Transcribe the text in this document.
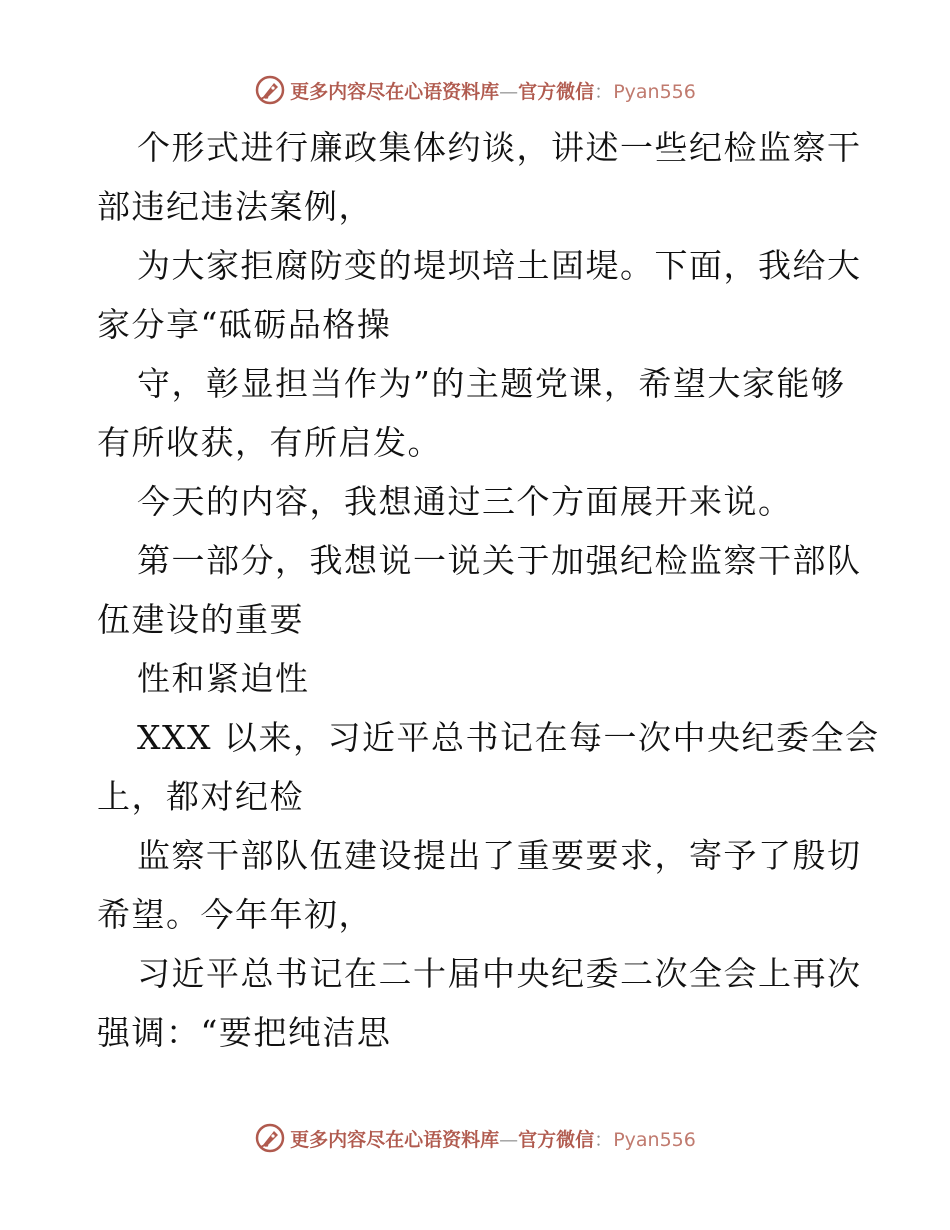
更多内容尽在心语资料库—官方微信：Pyan556
个形式进行廉政集体约谈，讲述一些纪检监察干
部违纪违法案例，
为大家拒腐防变的堤坝培土固堤。下面，我给大
家分享“砥砺品格操
守，彰显担当作为”的主题党课，希望大家能够
有所收获，有所启发。
今天的内容，我想通过三个方面展开来说。
第一部分，我想说一说关于加强纪检监察干部队
伍建设的重要
性和紧迫性
XXX 以来，习近平总书记在每一次中央纪委全会
上，都对纪检
监察干部队伍建设提出了重要要求，寄予了殷切
希望。今年年初，
习近平总书记在二十届中央纪委二次全会上再次
强调：“要把纯洁思
更多内容尽在心语资料库—官方微信：Pyan556
